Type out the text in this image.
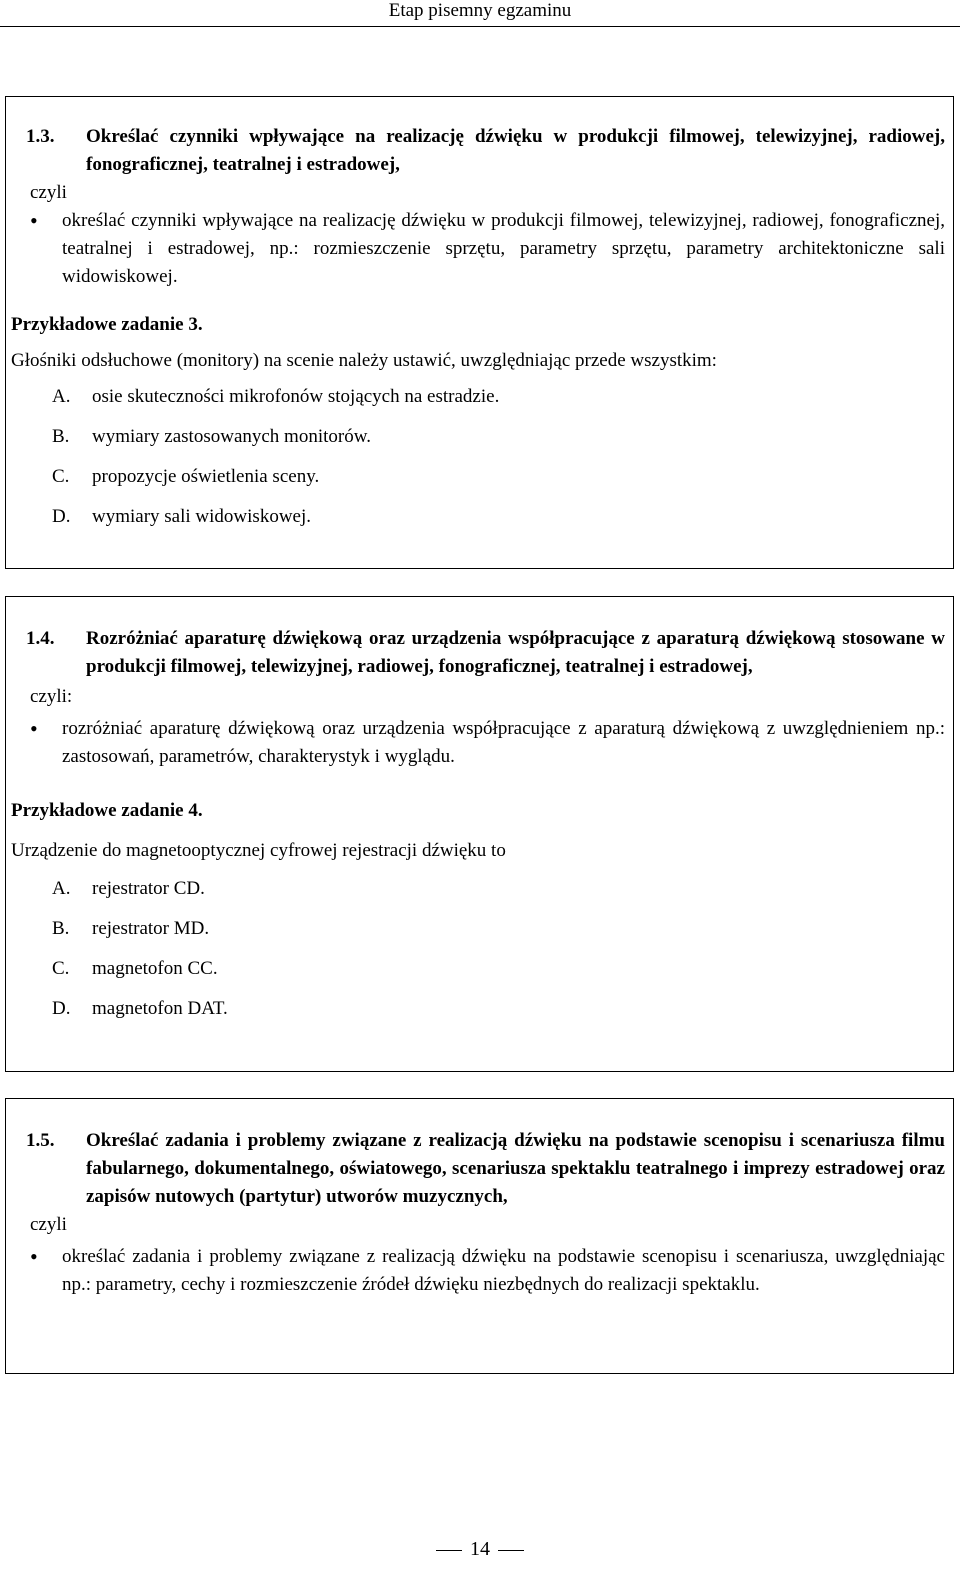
Etap pisemny egzaminu
1.3. Określać czynniki wpływające na realizację dźwięku w produkcji filmowej, telewizyjnej, radiowej, fonograficznej, teatralnej i estradowej,
czyli
• określać czynniki wpływające na realizację dźwięku w produkcji filmowej, telewizyjnej, radiowej, fonograficznej, teatralnej i estradowej, np.: rozmieszczenie sprzętu, parametry sprzętu, parametry architektoniczne sali widowiskowej.
Przykładowe zadanie 3.
Głośniki odsłuchowe (monitory) na scenie należy ustawić, uwzględniając przede wszystkim:
A. osie skuteczności mikrofonów stojących na estradzie.
B. wymiary zastosowanych monitorów.
C. propozycje oświetlenia sceny.
D. wymiary sali widowiskowej.
1.4. Rozróżniać aparaturę dźwiękową oraz urządzenia współpracujące z aparaturą dźwiękową stosowane w produkcji filmowej, telewizyjnej, radiowej, fonograficznej, teatralnej i estradowej,
czyli:
• rozróżniać aparaturę dźwiękową oraz urządzenia współpracujące z aparaturą dźwiękową z uwzględnieniem np.: zastosowań, parametrów, charakterystyk i wyglądu.
Przykładowe zadanie 4.
Urządzenie do magnetooptycznej cyfrowej rejestracji dźwięku to
A. rejestrator CD.
B. rejestrator MD.
C. magnetofon CC.
D. magnetofon DAT.
1.5. Określać zadania i problemy związane z realizacją dźwięku na podstawie scenopisu i scenariusza filmu fabularnego, dokumentalnego, oświatowego, scenariusza spektaklu teatralnego i imprezy estradowej oraz zapisów nutowych (partytur) utworów muzycznych,
czyli
• określać zadania i problemy związane z realizacją dźwięku na podstawie scenopisu i scenariusza, uwzględniając np.: parametry, cechy i rozmieszczenie źródeł dźwięku niezbędnych do realizacji spektaklu.
14
